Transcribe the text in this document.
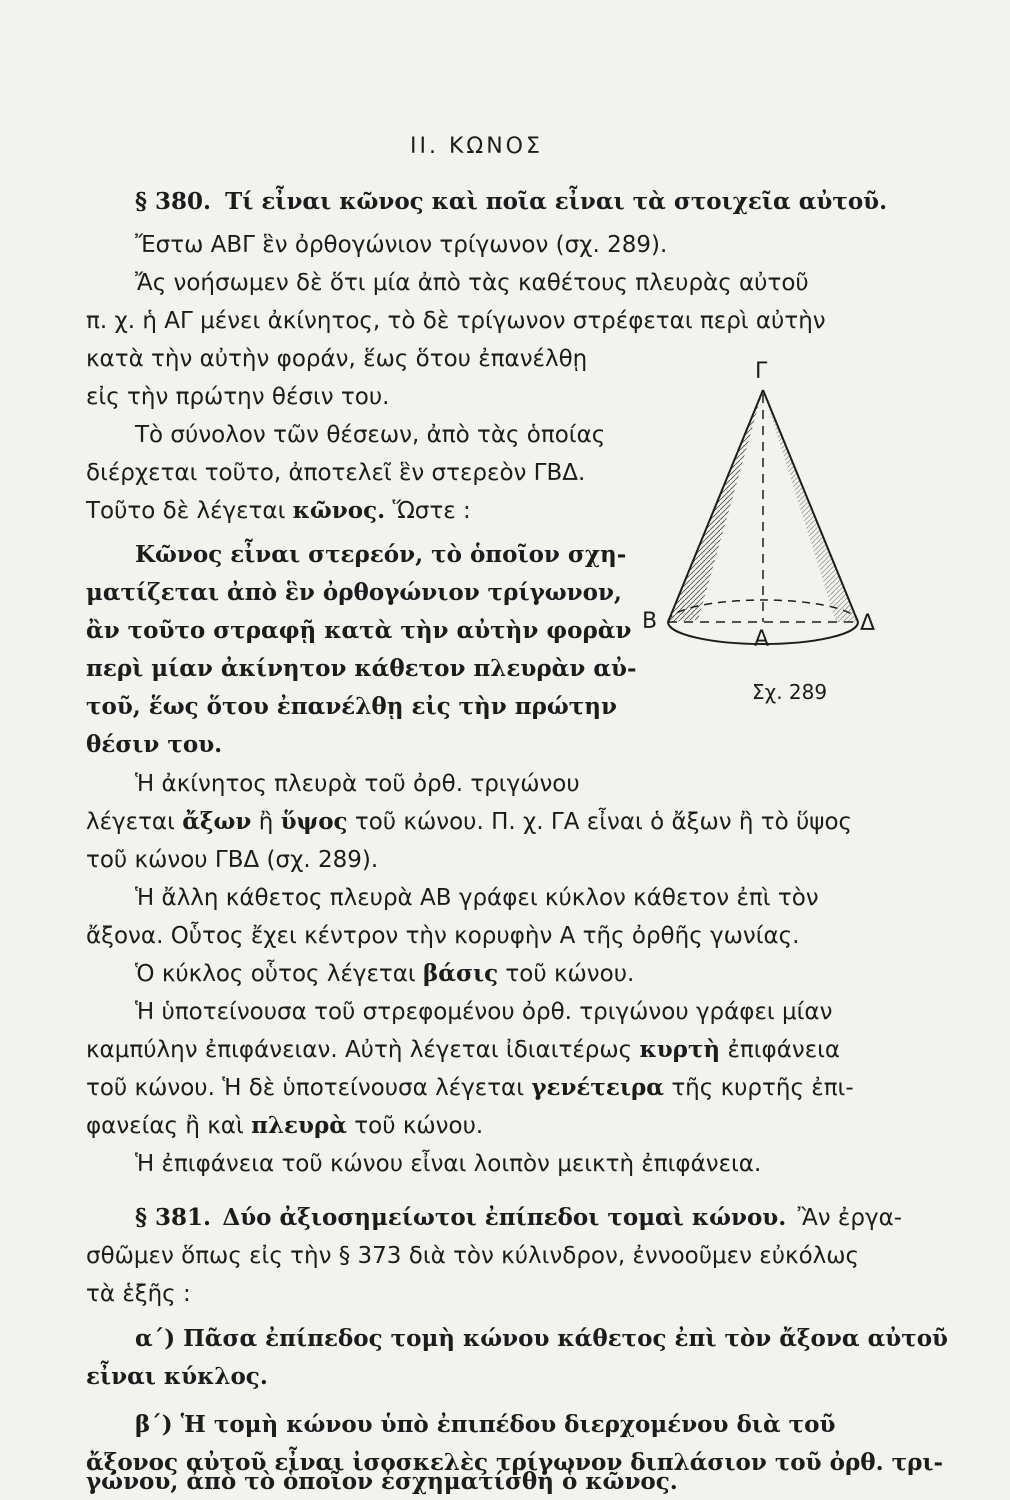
ΙΙ. ΚΩΝΟΣ

§ 380. Τί εἶναι κῶνος καὶ ποῖα εἶναι τὰ στοιχεῖα αὐτοῦ.

Ἔστω ΑΒΓ ἓν ὀρθογώνιον τρίγωνον (σχ. 289).

Ἄς νοήσωμεν δὲ ὅτι μία ἀπὸ τὰς καθέτους πλευρὰς αὐτοῦ

π. χ. ἡ ΑΓ μένει ἀκίνητος, τὸ δὲ τρίγωνον στρέφεται περὶ αὐτὴν

κατὰ τὴν αὐτὴν φοράν, ἕως ὅτου ἐπανέλθῃ

εἰς τὴν πρώτην θέσιν του.

Τὸ σύνολον τῶν θέσεων, ἀπὸ τὰς ὁποίας

διέρχεται τοῦτο, ἀποτελεῖ ἓν στερεὸν ΓΒΔ.

Τοῦτο δὲ λέγεται κῶνος. Ὥστε :

Κῶνος εἶναι στερεόν, τὸ ὁποῖον σχη-

ματίζεται ἀπὸ ἓν ὀρθογώνιον τρίγωνον,

ἂν τοῦτο στραφῇ κατὰ τὴν αὐτὴν φορὰν

περὶ μίαν ἀκίνητον κάθετον πλευρὰν αὐ-

τοῦ, ἕως ὅτου ἐπανέλθῃ εἰς τὴν πρώτην

θέσιν του.

Ἡ ἀκίνητος πλευρὰ τοῦ ὀρθ. τριγώνου

λέγεται ἄξων ἢ ὕψος τοῦ κώνου. Π. χ. ΓΑ εἶναι ὁ ἄξων ἢ τὸ ὕψος

τοῦ κώνου ΓΒΔ (σχ. 289).

Ἡ ἄλλη κάθετος πλευρὰ ΑΒ γράφει κύκλον κάθετον ἐπὶ τὸν

ἄξονα. Οὗτος ἔχει κέντρον τὴν κορυφὴν Α τῆς ὀρθῆς γωνίας.

Ὁ κύκλος οὗτος λέγεται βάσις τοῦ κώνου.

Ἡ ὑποτείνουσα τοῦ στρεφομένου ὀρθ. τριγώνου γράφει μίαν

καμπύλην ἐπιφάνειαν. Αὐτὴ λέγεται ἰδιαιτέρως κυρτὴ ἐπιφάνεια

τοῦ κώνου. Ἡ δὲ ὑποτείνουσα λέγεται γενέτειρα τῆς κυρτῆς ἐπι-

φανείας ἢ καὶ πλευρὰ τοῦ κώνου.

Ἡ ἐπιφάνεια τοῦ κώνου εἶναι λοιπὸν μεικτὴ ἐπιφάνεια.

§ 381. Δύο ἀξιοσημείωτοι ἐπίπεδοι τομαὶ κώνου. Ἂν ἐργα-

σθῶμεν ὅπως εἰς τὴν § 373 διὰ τὸν κύλινδρον, ἐννοοῦμεν εὐκόλως

τὰ ἑξῆς :

α΄) Πᾶσα ἐπίπεδος τομὴ κώνου κάθετος ἐπὶ τὸν ἄξονα αὐτοῦ

εἶναι κύκλος.

β΄) Ἡ τομὴ κώνου ὑπὸ ἐπιπέδου διερχομένου διὰ τοῦ

ἄξονος αὐτοῦ εἶναι ἰσοσκελὲς τρίγωνον διπλάσιον τοῦ ὀρθ. τρι-

γώνου, ἀπὸ τὸ ὁποῖον ἐσχηματίσθη ὁ κῶνος.

Γ
Β
Α
Δ
Σχ. 289
